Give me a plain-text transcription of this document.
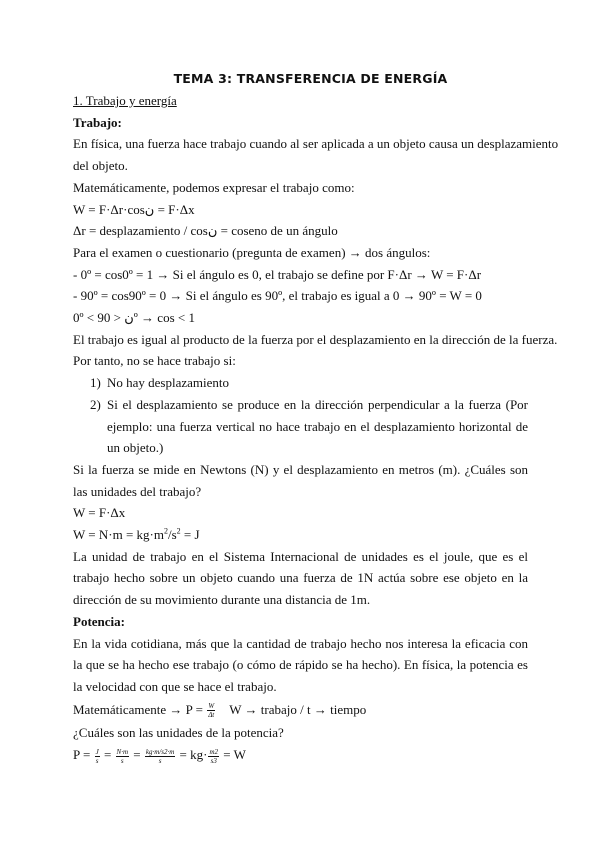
TEMA 3: TRANSFERENCIA DE ENERGÍA
1. Trabajo y energía
Trabajo:
En física, una fuerza hace trabajo cuando al ser aplicada a un objeto causa un desplazamiento
del objeto.
Matemáticamente, podemos expresar el trabajo como:
W = F·Δr·cosن = F·Δx
Δr = desplazamiento / cosن = coseno de un ángulo
Para el examen o cuestionario (pregunta de examen) → dos ángulos:
- 0º = cos0º = 1 → Si el ángulo es 0, el trabajo se define por F·Δr → W = F·Δr
- 90º = cos90º = 0 → Si el ángulo es 90º, el trabajo es igual a 0 → 90º = W = 0
0º < ن < 90º → cos < 1
El trabajo es igual al producto de la fuerza por el desplazamiento en la dirección de la fuerza.
Por tanto, no se hace trabajo si:
1) No hay desplazamiento
2) Si el desplazamiento se produce en la dirección perpendicular a la fuerza (Por ejemplo: una fuerza vertical no hace trabajo en el desplazamiento horizontal de un objeto.)
Si la fuerza se mide en Newtons (N) y el desplazamiento en metros (m). ¿Cuáles son las unidades del trabajo?
W = F·Δx
$W = N\cdot m = kg\cdot m^2/s^2 = J$
La unidad de trabajo en el Sistema Internacional de unidades es el joule, que es el trabajo hecho sobre un objeto cuando una fuerza de 1N actúa sobre ese objeto en la dirección de su movimiento durante una distancia de 1m.
Potencia:
En la vida cotidiana, más que la cantidad de trabajo hecho nos interesa la eficacia con la que se ha hecho ese trabajo (o cómo de rápido se ha hecho). En física, la potencia es la velocidad con que se hace el trabajo.
Matemáticamente → $P = \frac{W}{\Delta t}$ W → trabajo / t → tiempo
¿Cuáles son las unidades de la potencia?
$P = \frac{J}{s} = \frac{N\cdot m}{s} = \frac{kg\cdot m/s2\cdot m}{s} = kg\cdot \frac{m2}{s3} = W$
